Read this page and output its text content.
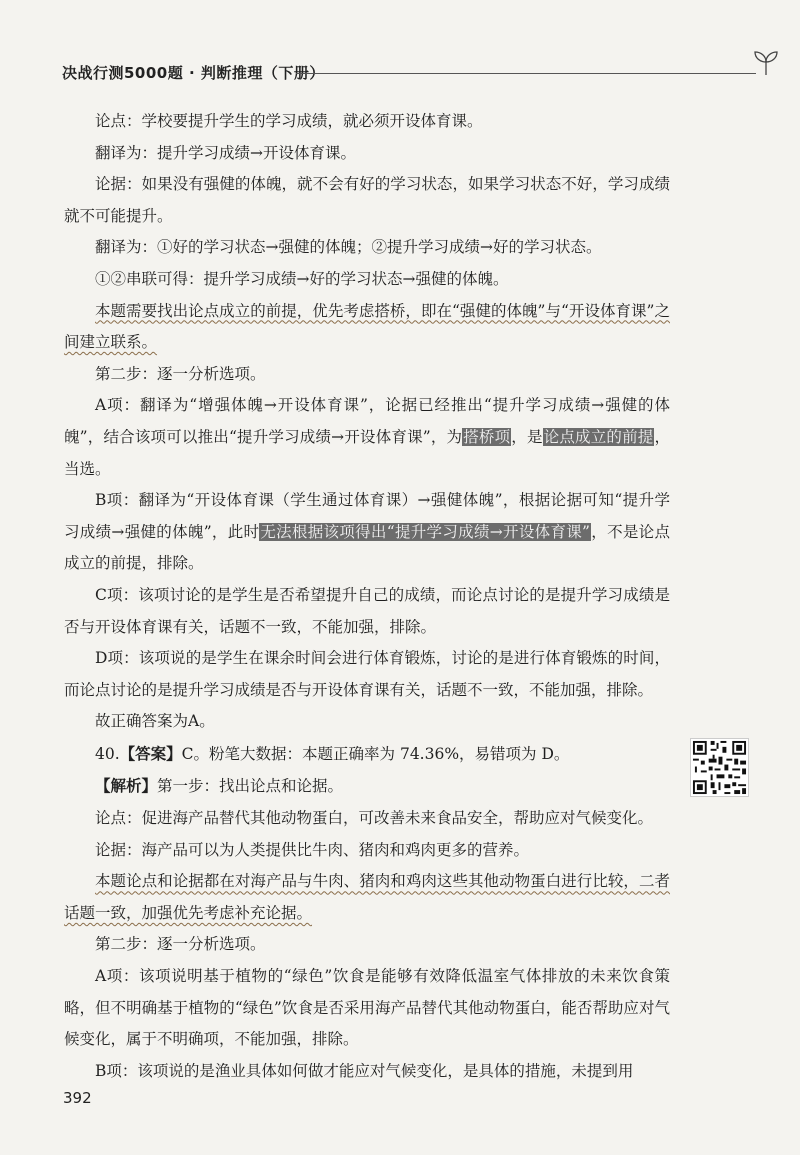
决战行测5000题 · 判断推理（下册）

论点：学校要提升学生的学习成绩，就必须开设体育课。

翻译为：提升学习成绩→开设体育课。

论据：如果没有强健的体魄，就不会有好的学习状态，如果学习状态不好，学习成绩就不可能提升。

翻译为：①好的学习状态→强健的体魄；②提升学习成绩→好的学习状态。

①②串联可得：提升学习成绩→好的学习状态→强健的体魄。

本题需要找出论点成立的前提，优先考虑搭桥，即在“强健的体魄”与“开设体育课”之间建立联系。

第二步：逐一分析选项。

A项：翻译为“增强体魄→开设体育课”，论据已经推出“提升学习成绩→强健的体魄”，结合该项可以推出“提升学习成绩→开设体育课”，为搭桥项，是论点成立的前提，当选。

B项：翻译为“开设体育课（学生通过体育课）→强健体魄”，根据论据可知“提升学习成绩→强健的体魄”，此时无法根据该项得出“提升学习成绩→开设体育课”，不是论点成立的前提，排除。

C项：该项讨论的是学生是否希望提升自己的成绩，而论点讨论的是提升学习成绩是否与开设体育课有关，话题不一致，不能加强，排除。

D项：该项说的是学生在课余时间会进行体育锻炼，讨论的是进行体育锻炼的时间，而论点讨论的是提升学习成绩是否与开设体育课有关，话题不一致，不能加强，排除。

故正确答案为A。

40.【答案】C。粉笔大数据：本题正确率为 74.36%，易错项为 D。

【解析】第一步：找出论点和论据。

论点：促进海产品替代其他动物蛋白，可改善未来食品安全，帮助应对气候变化。

论据：海产品可以为人类提供比牛肉、猪肉和鸡肉更多的营养。

本题论点和论据都在对海产品与牛肉、猪肉和鸡肉这些其他动物蛋白进行比较，二者话题一致，加强优先考虑补充论据。

第二步：逐一分析选项。

A项：该项说明基于植物的“绿色”饮食是能够有效降低温室气体排放的未来饮食策略，但不明确基于植物的“绿色”饮食是否采用海产品替代其他动物蛋白，能否帮助应对气候变化，属于不明确项，不能加强，排除。

B项：该项说的是渔业具体如何做才能应对气候变化，是具体的措施，未提到用

392
